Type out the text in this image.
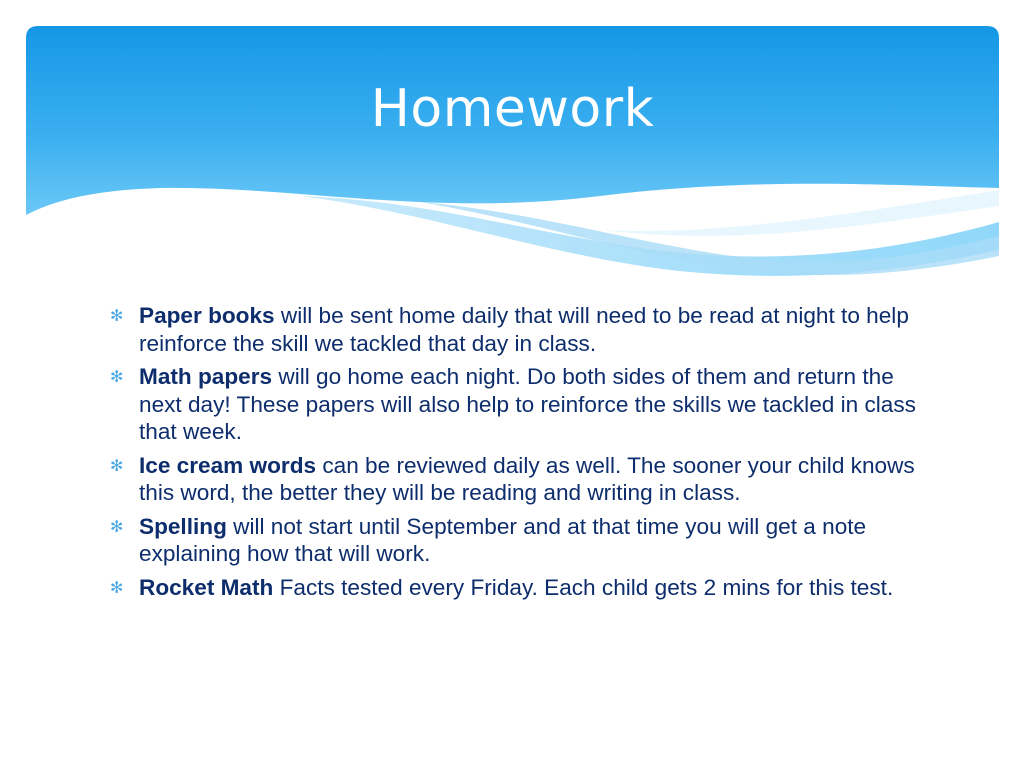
Homework
✻ Paper books will be sent home daily that will need to be read at night to help reinforce the skill we tackled that day in class.
✻ Math papers will go home each night. Do both sides of them and return the next day! These papers will also help to reinforce the skills we tackled in class that week.
✻ Ice cream words can be reviewed daily as well. The sooner your child knows this word, the better they will be reading and writing in class.
✻ Spelling will not start until September and at that time you will get a note explaining how that will work.
✻ Rocket Math Facts tested every Friday. Each child gets 2 mins for this test.
